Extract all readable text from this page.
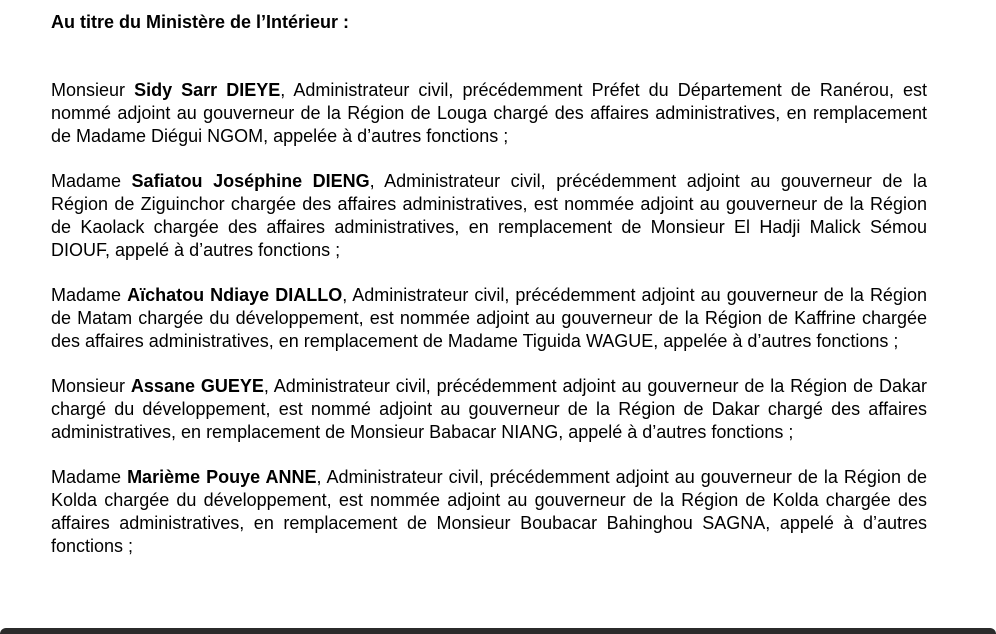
Au titre du Ministère de l’Intérieur :

Monsieur Sidy Sarr DIEYE, Administrateur civil, précédemment Préfet du Département de Ranérou, est nommé adjoint au gouverneur de la Région de Louga chargé des affaires administratives, en remplacement de Madame Diégui NGOM, appelée à d’autres fonctions ;

Madame Safiatou Joséphine DIENG, Administrateur civil, précédemment adjoint au gouverneur de la Région de Ziguinchor chargée des affaires administratives, est nommée adjoint au gouverneur de la Région de Kaolack chargée des affaires administratives, en remplacement de Monsieur El Hadji Malick Sémou DIOUF, appelé à d’autres fonctions ;

Madame Aïchatou Ndiaye DIALLO, Administrateur civil, précédemment adjoint au gouverneur de la Région de Matam chargée du développement, est nommée adjoint au gouverneur de la Région de Kaffrine chargée des affaires administratives, en remplacement de Madame Tiguida WAGUE, appelée à d’autres fonctions ;

Monsieur Assane GUEYE, Administrateur civil, précédemment adjoint au gouverneur de la Région de Dakar chargé du développement, est nommé adjoint au gouverneur de la Région de Dakar chargé des affaires administratives, en remplacement de Monsieur Babacar NIANG, appelé à d’autres fonctions ;

Madame Marième Pouye ANNE, Administrateur civil, précédemment adjoint au gouverneur de la Région de Kolda chargée du développement, est nommée adjoint au gouverneur de la Région de Kolda chargée des affaires administratives, en remplacement de Monsieur Boubacar Bahinghou SAGNA, appelé à d’autres fonctions ;
